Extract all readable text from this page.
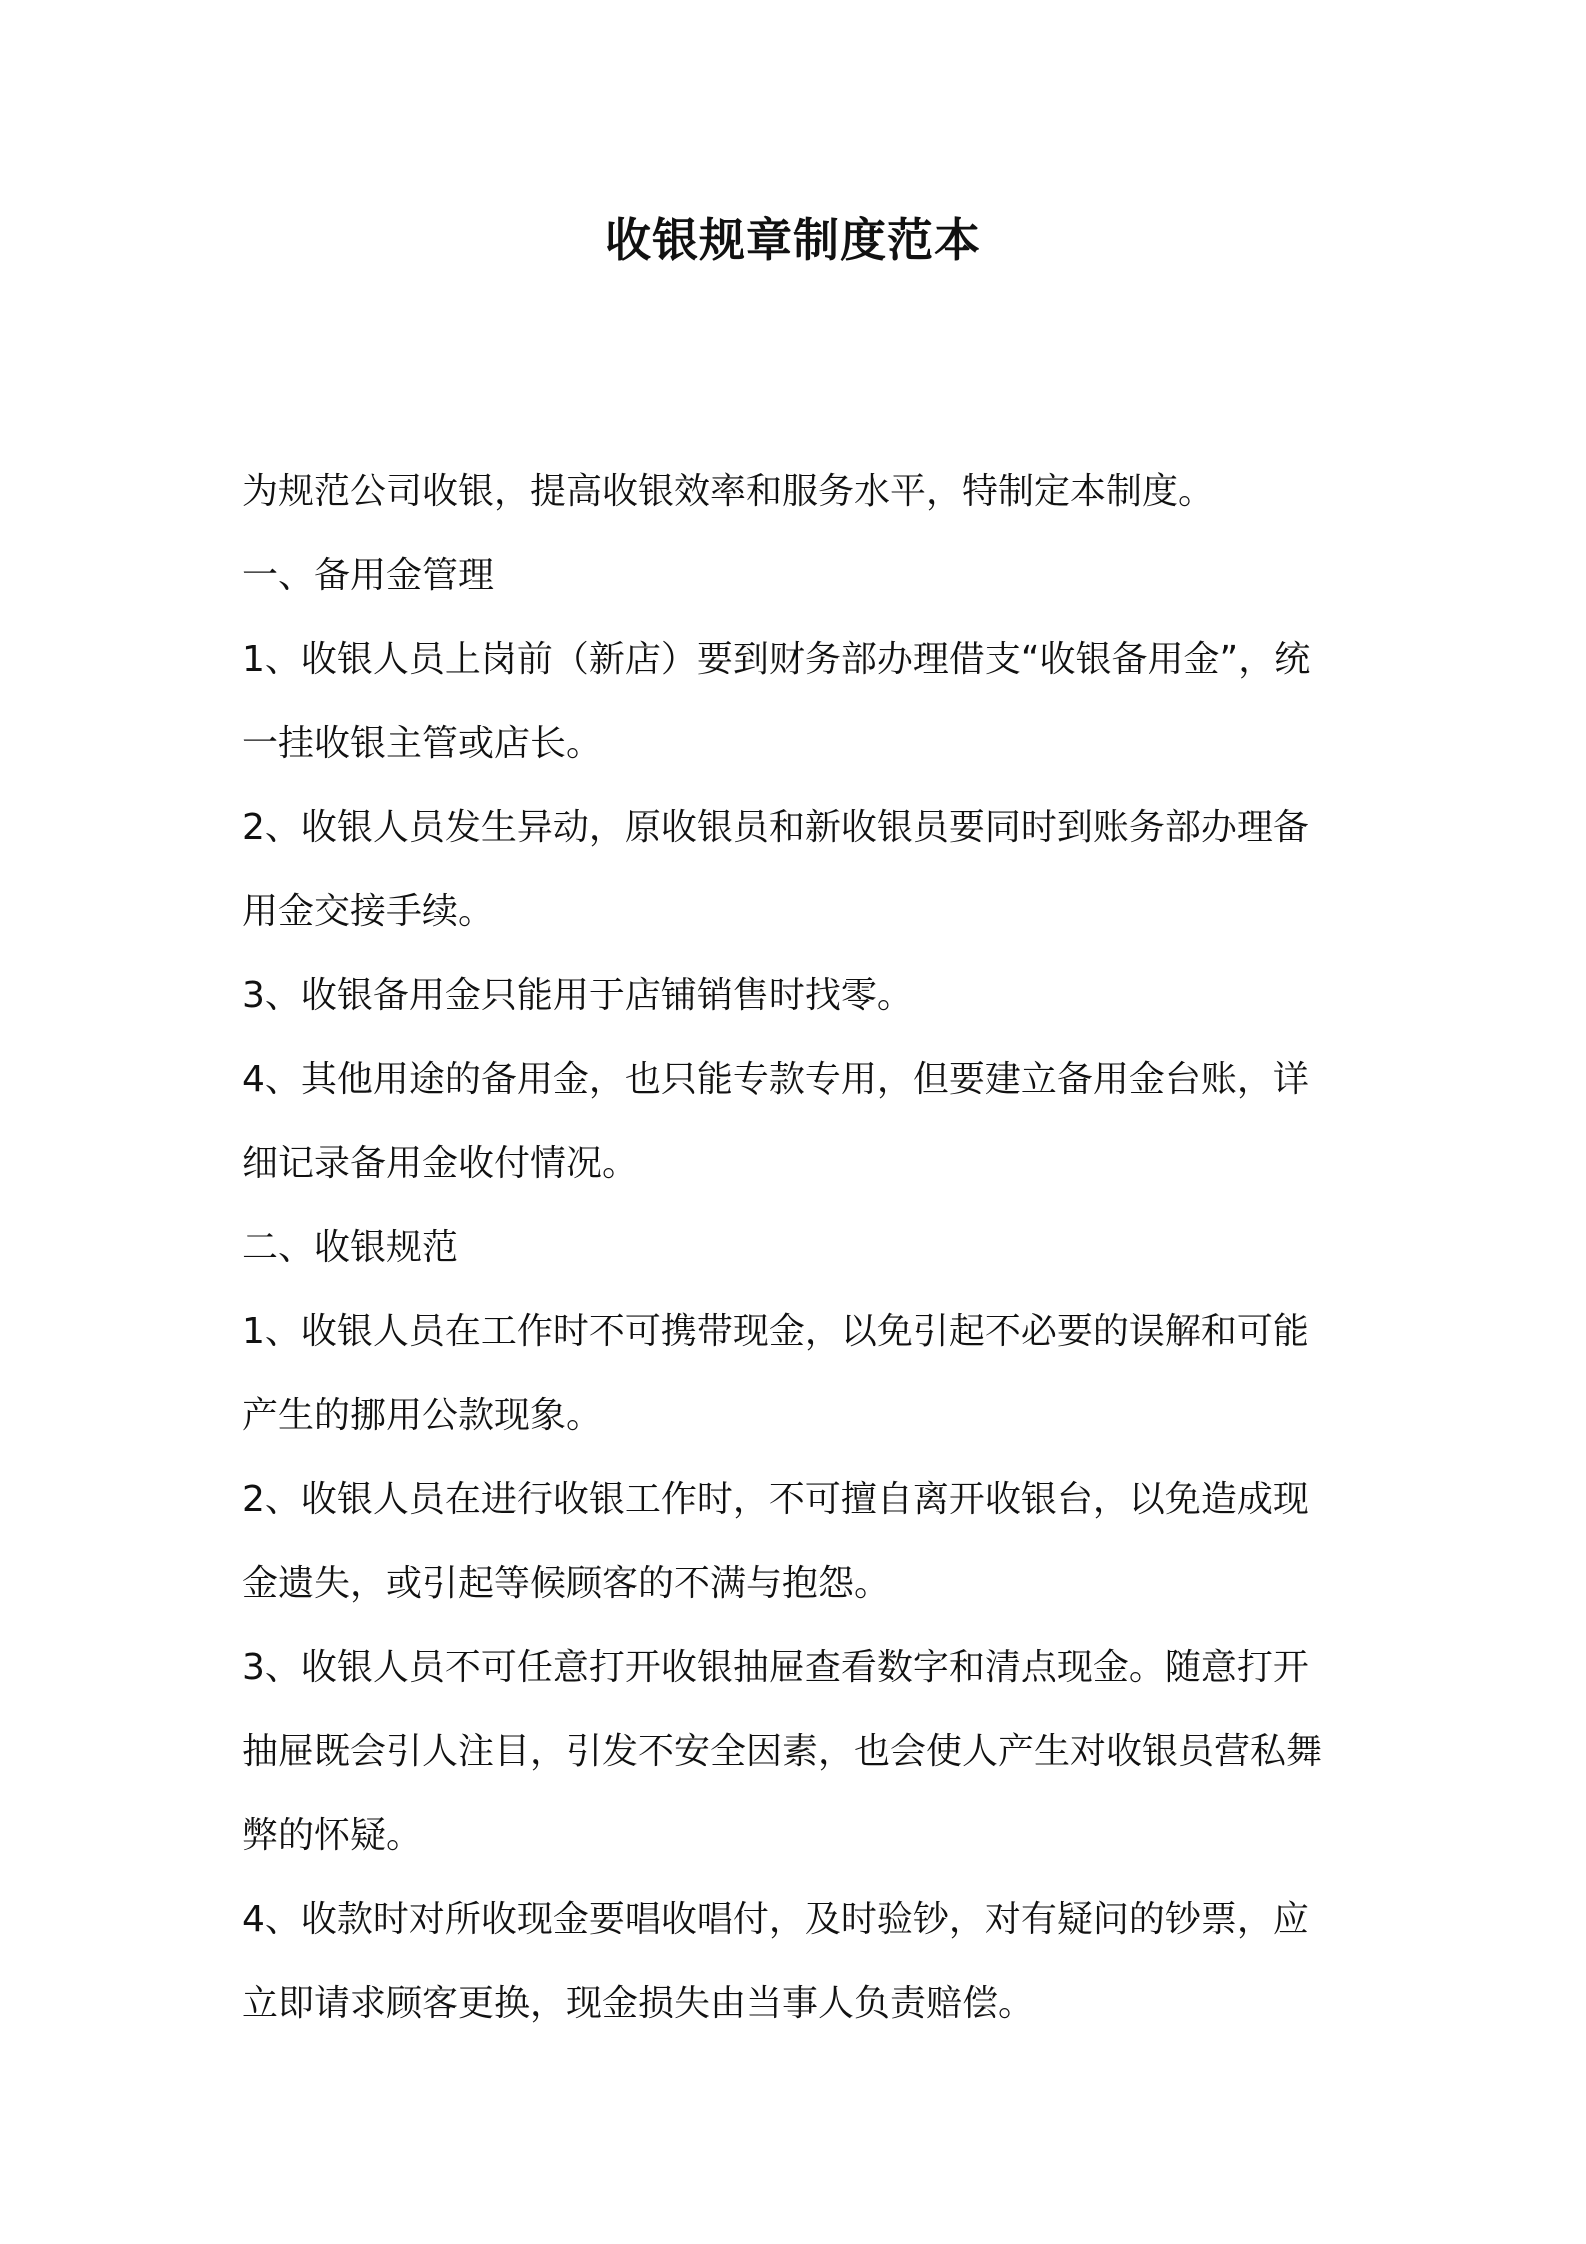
收银规章制度范本
为规范公司收银，提高收银效率和服务水平，特制定本制度。
一、备用金管理
1、收银人员上岗前（新店）要到财务部办理借支“收银备用金”，统
一挂收银主管或店长。
2、收银人员发生异动，原收银员和新收银员要同时到账务部办理备
用金交接手续。
3、收银备用金只能用于店铺销售时找零。
4、其他用途的备用金，也只能专款专用，但要建立备用金台账，详
细记录备用金收付情况。
二、收银规范
1、收银人员在工作时不可携带现金，以免引起不必要的误解和可能
产生的挪用公款现象。
2、收银人员在进行收银工作时，不可擅自离开收银台，以免造成现
金遗失，或引起等候顾客的不满与抱怨。
3、收银人员不可任意打开收银抽屉查看数字和清点现金。随意打开
抽屉既会引人注目，引发不安全因素，也会使人产生对收银员营私舞
弊的怀疑。
4、收款时对所收现金要唱收唱付，及时验钞，对有疑问的钞票，应
立即请求顾客更换，现金损失由当事人负责赔偿。
